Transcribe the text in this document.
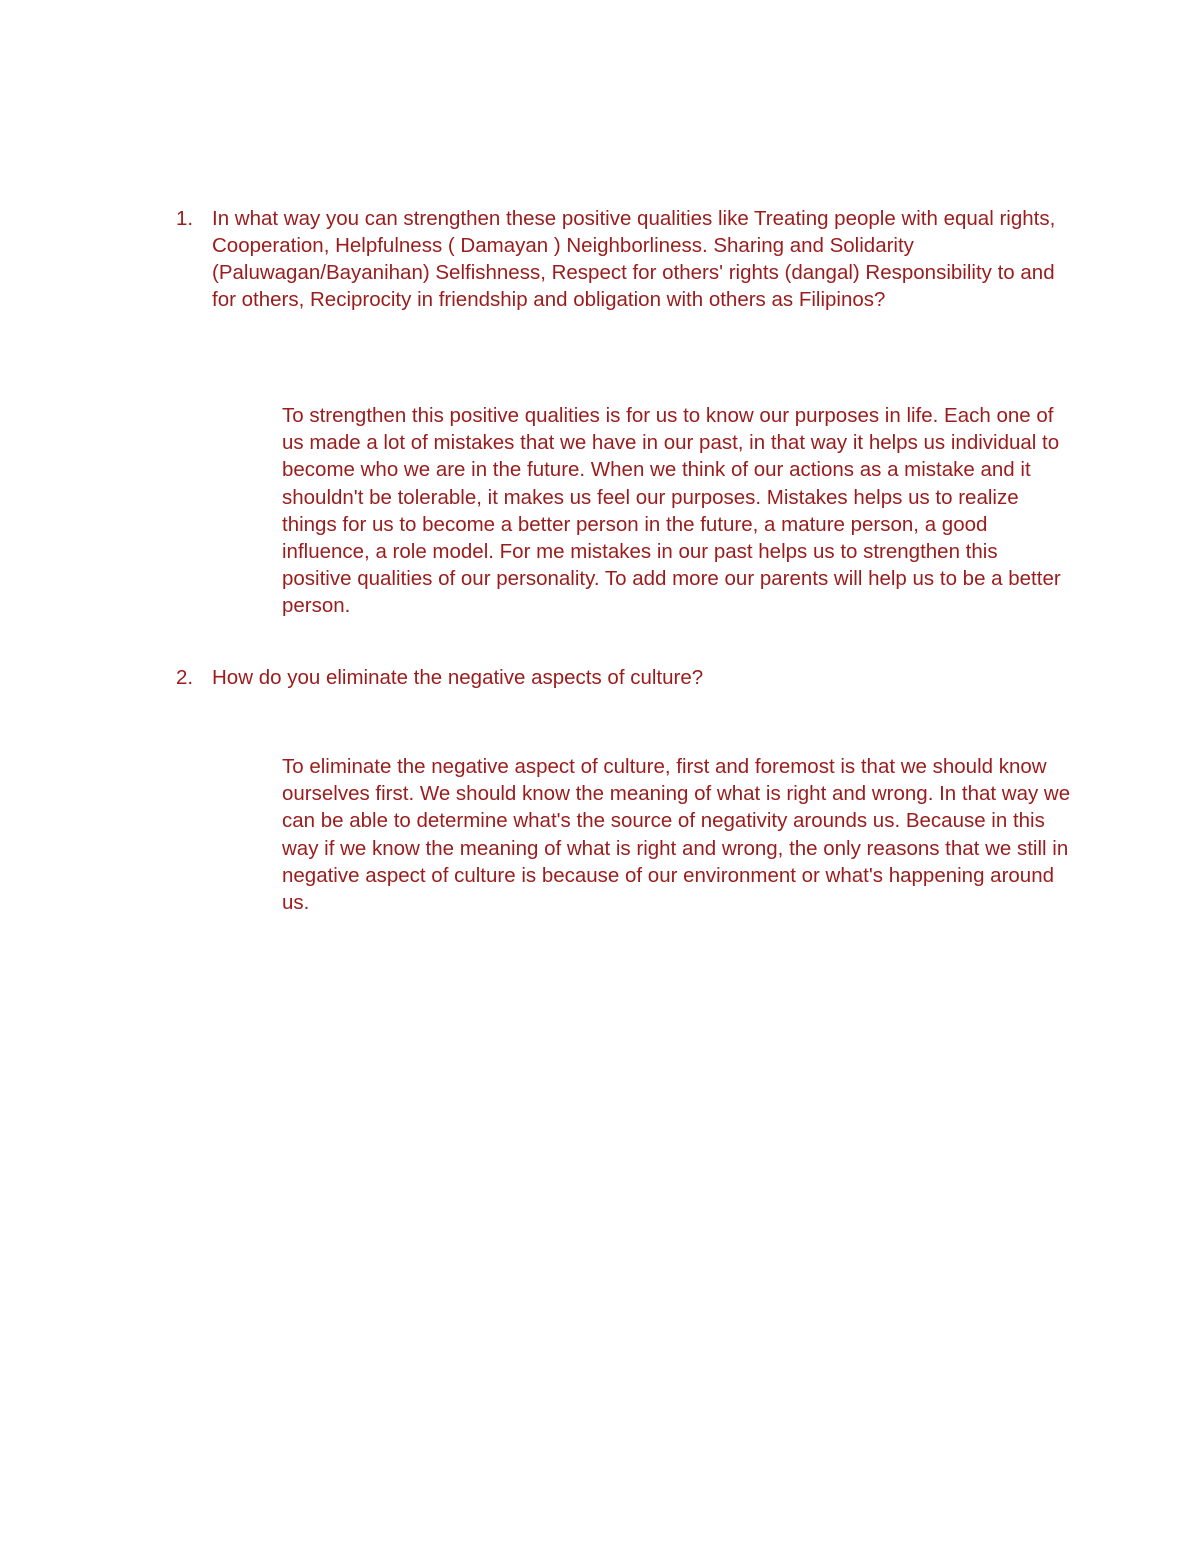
1. In what way you can strengthen these positive qualities like Treating people with equal rights, Cooperation, Helpfulness ( Damayan ) Neighborliness. Sharing and Solidarity (Paluwagan/Bayanihan) Selfishness, Respect for others' rights (dangal) Responsibility to and for others, Reciprocity in friendship and obligation with others as Filipinos?
To strengthen this positive qualities is for us to know our purposes in life. Each one of us made a lot of mistakes that we have in our past, in that way it helps us individual to become who we are in the future. When we think of our actions as a mistake and it shouldn't be tolerable, it makes us feel our purposes. Mistakes helps us to realize things for us to become a better person in the future, a mature person, a good influence, a role model. For me mistakes in our past helps us to strengthen this positive qualities of our personality. To add more our parents will help us to be a better person.
2. How do you eliminate the negative aspects of culture?
To eliminate the negative aspect of culture, first and foremost is that we should know ourselves first. We should know the meaning of what is right and wrong. In that way we can be able to determine what's the source of negativity arounds us. Because in this way if we know the meaning of what is right and wrong, the only reasons that we still in negative aspect of culture is because of our environment or what's happening around us.
